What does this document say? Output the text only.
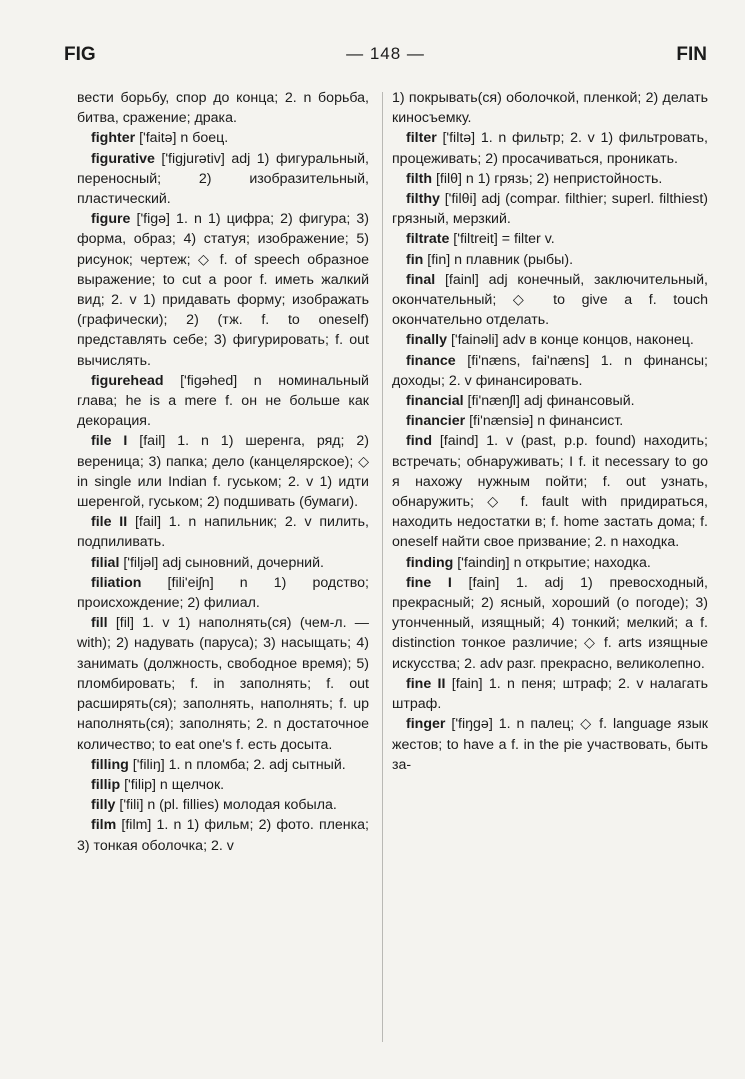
FIG	— 148 —	FIN

вести борьбу, спор до конца; 2. n борьба, битва, сражение; драка.

fighter ['faitə] n боец.

figurative ['figjurətiv] adj 1) фигуральный, переносный; 2) изобразительный, пластический.

figure ['figə] 1. n 1) цифра; 2) фигура; 3) форма, образ; 4) статуя; изображение; 5) рисунок; чертеж; ◇ f. of speech образное выражение; to cut a poor f. иметь жалкий вид; 2. v 1) придавать форму; изображать (графически); 2) (тж. f. to oneself) представлять себе; 3) фигурировать; f. out вычислять.

figurehead ['figəhed] n номинальный глава; he is a mere f. он не больше как декорация.

file I [fail] 1. n 1) шеренга, ряд; 2) вереница; 3) папка; дело (канцелярское); ◇ in single или Indian f. гуськом; 2. v 1) идти шеренгой, гуськом; 2) подшивать (бумаги).

file II [fail] 1. n напильник; 2. v пилить, подпиливать.

filial ['filjəl] adj сыновний, дочерний.

filiation [fili'eiʃn] n 1) родство; происхождение; 2) филиал.

fill [fil] 1. v 1) наполнять(ся) (чем-л. — with); 2) надувать (паруса); 3) насыщать; 4) занимать (должность, свободное время); 5) пломбировать; f. in заполнять; f. out расширять(ся); заполнять, наполнять; f. up наполнять(ся); заполнять; 2. n достаточное количество; to eat one's f. есть досыта.

filling ['filiŋ] 1. n пломба; 2. adj сытный.

fillip ['filip] n щелчок.

filly ['fili] n (pl. fillies) молодая кобыла.

film [film] 1. n 1) фильм; 2) фото. пленка; 3) тонкая оболочка; 2. v

1) покрывать(ся) оболочкой, пленкой; 2) делать киносъемку.

filter ['filtə] 1. n фильтр; 2. v 1) фильтровать, процеживать; 2) просачиваться, проникать.

filth [filθ] n 1) грязь; 2) непристойность.

filthy ['filθi] adj (compar. filthier; superl. filthiest) грязный, мерзкий.

filtrate ['filtreit] = filter v.

fin [fin] n плавник (рыбы).

final [fainl] adj конечный, заключительный, окончательный; ◇ to give a f. touch окончательно отделать.

finally ['fainəli] adv в конце концов, наконец.

finance [fi'næns, fai'næns] 1. n финансы; доходы; 2. v финансировать.

financial [fi'nænʃl] adj финансовый.

financier [fi'nænsiə] n финансист.

find [faind] 1. v (past, p.p. found) находить; встречать; обнаруживать; I f. it necessary to go я нахожу нужным пойти; f. out узнать, обнаружить; ◇ f. fault with придираться, находить недостатки в; f. home застать дома; f. oneself найти свое призвание; 2. n находка.

finding ['faindiŋ] n открытие; находка.

fine I [fain] 1. adj 1) превосходный, прекрасный; 2) ясный, хороший (о погоде); 3) утонченный, изящный; 4) тонкий; мелкий; a f. distinction тонкое различие; ◇ f. arts изящные искусства; 2. adv разг. прекрасно, великолепно.

fine II [fain] 1. n пеня; штраф; 2. v налагать штраф.

finger ['fiŋgə] 1. n палец; ◇ f. language язык жестов; to have a f. in the pie участвовать, быть за-
